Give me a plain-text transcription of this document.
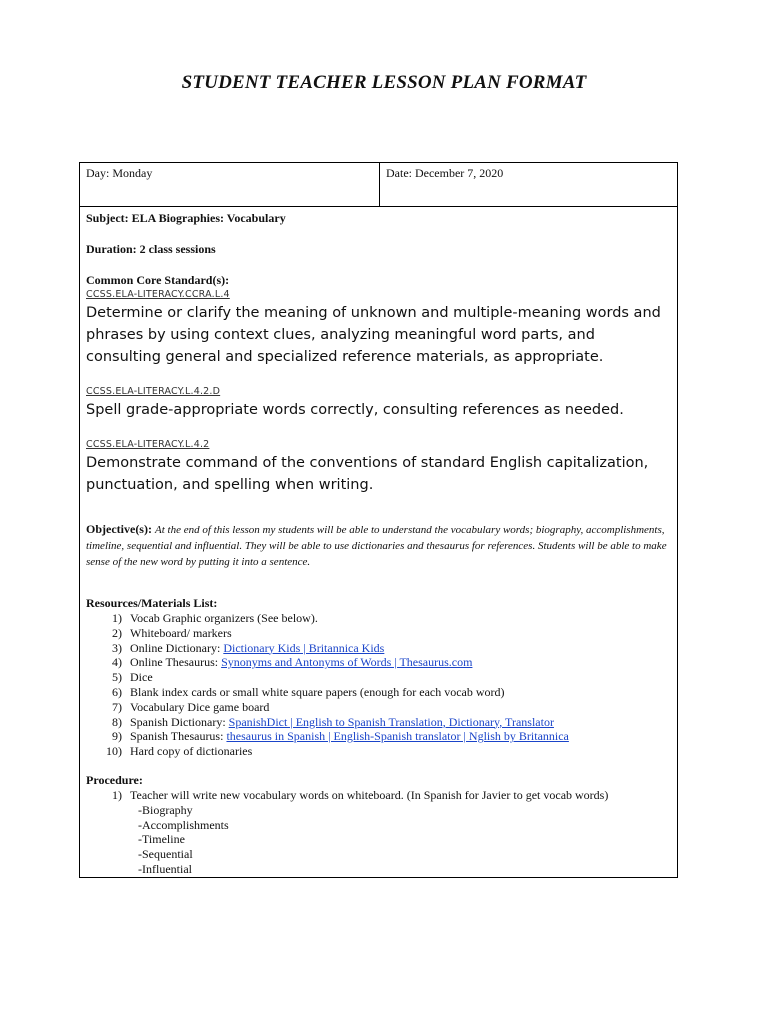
STUDENT TEACHER LESSON PLAN FORMAT
Day: Monday	Date: December 7, 2020
Subject: ELA Biographies: Vocabulary
Duration: 2 class sessions
Common Core Standard(s):
CCSS.ELA-LITERACY.CCRA.L.4
Determine or clarify the meaning of unknown and multiple-meaning words and phrases by using context clues, analyzing meaningful word parts, and consulting general and specialized reference materials, as appropriate.
CCSS.ELA-LITERACY.L.4.2.D
Spell grade-appropriate words correctly, consulting references as needed.
CCSS.ELA-LITERACY.L.4.2
Demonstrate command of the conventions of standard English capitalization, punctuation, and spelling when writing.
Objective(s): At the end of this lesson my students will be able to understand the vocabulary words; biography, accomplishments, timeline, sequential and influential. They will be able to use dictionaries and thesaurus for references. Students will be able to make sense of the new word by putting it into a sentence.
Resources/Materials List:
1) Vocab Graphic organizers (See below).
2) Whiteboard/ markers
3) Online Dictionary: Dictionary Kids | Britannica Kids
4) Online Thesaurus: Synonyms and Antonyms of Words | Thesaurus.com
5) Dice
6) Blank index cards or small white square papers (enough for each vocab word)
7) Vocabulary Dice game board
8) Spanish Dictionary: SpanishDict | English to Spanish Translation, Dictionary, Translator
9) Spanish Thesaurus: thesaurus in Spanish | English-Spanish translator | Nglish by Britannica
10) Hard copy of dictionaries
Procedure:
1) Teacher will write new vocabulary words on whiteboard. (In Spanish for Javier to get vocab words)
-Biography
-Accomplishments
-Timeline
-Sequential
-Influential
